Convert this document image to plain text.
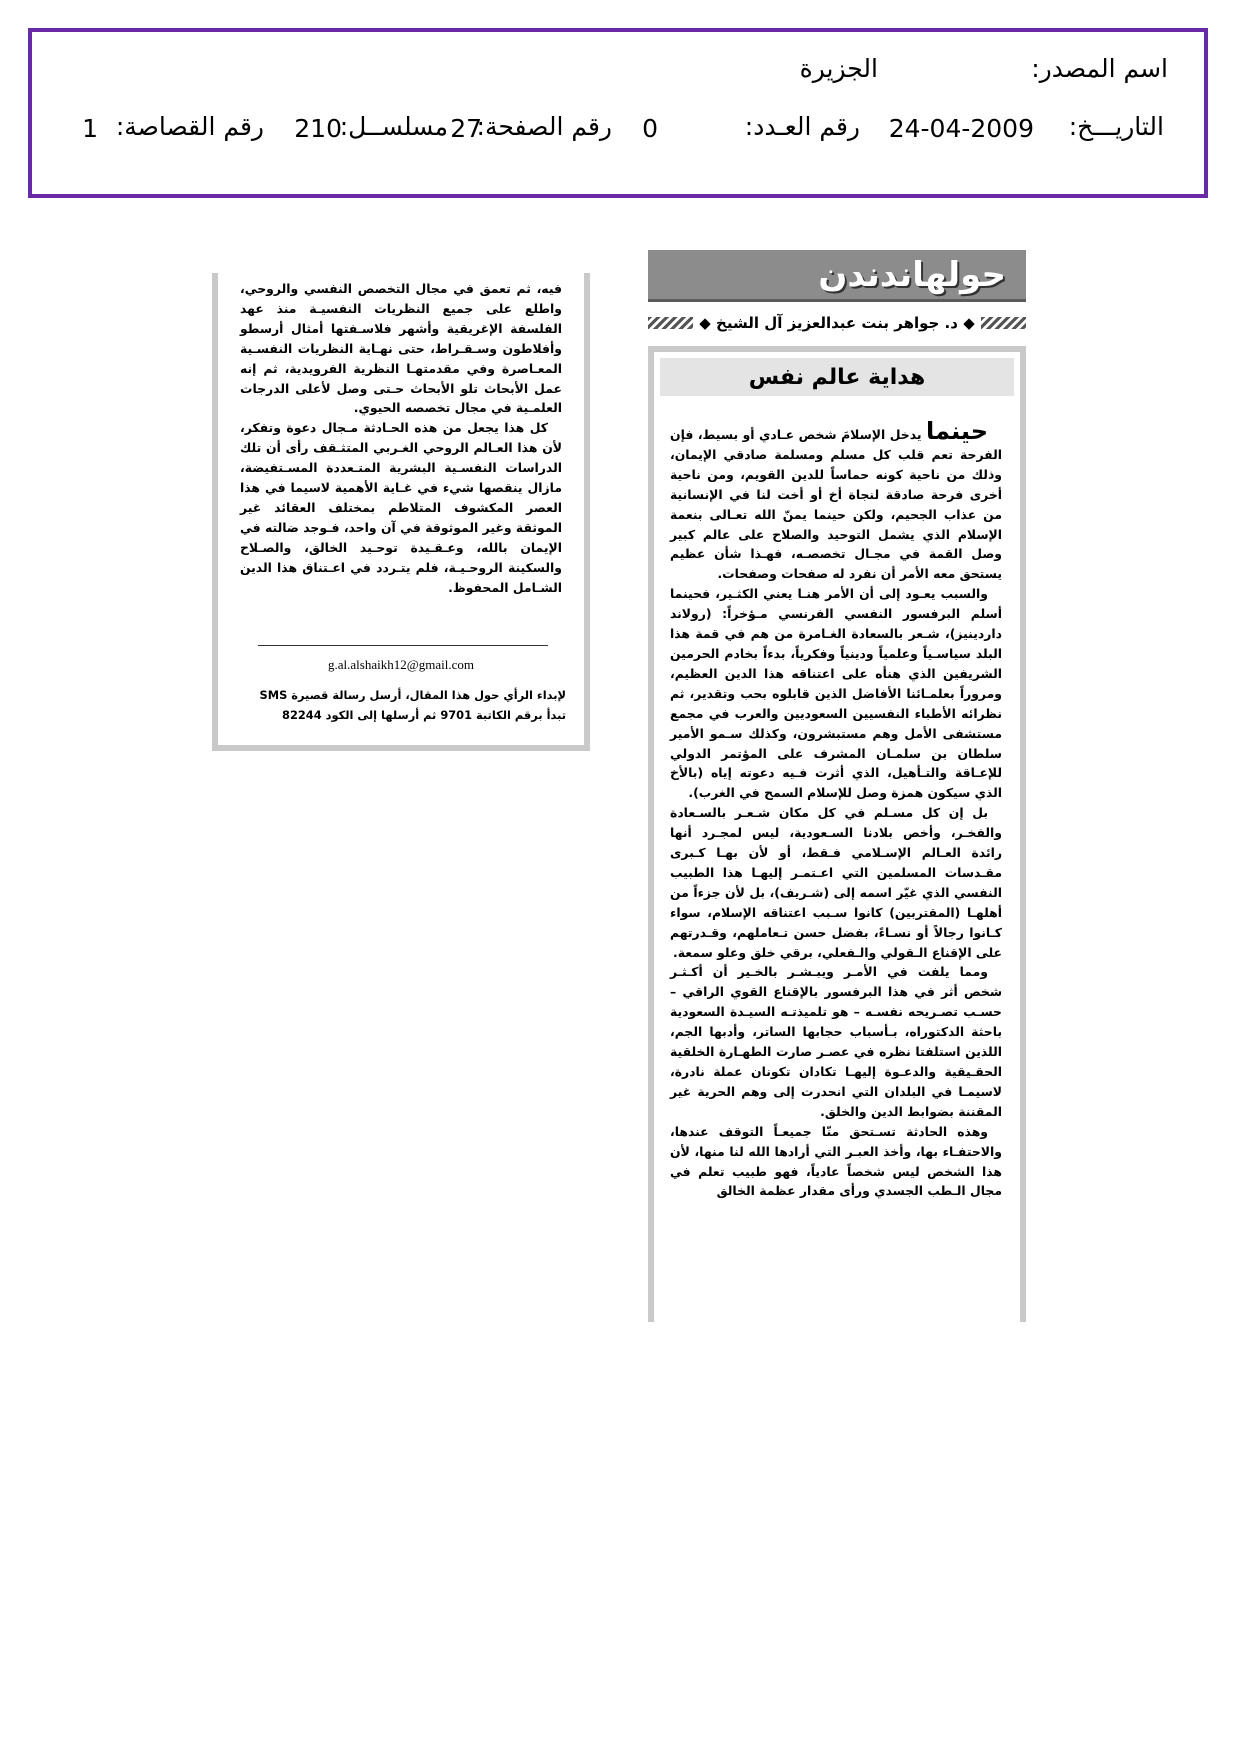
اسم المصدر:
الجزيرة
التاريـــخ:
24-04-2009
رقم العـدد:
0
رقم الصفحة:
27
مسلســل:
210
رقم القصاصة:
1
حولهاندندن
◆ د. جواهر بنت عبدالعزيز آل الشيخ ◆
هداية عالم نفس

حينما يدخل الإسلامَ شخص عـادي أو بسيط، فإن الفرحة تعم قلب كل مسلم ومسلمة صادقي الإيمان، وذلك من ناحية كونه حماساً للدين القويم، ومن ناحية أخرى فرحة صادقة لنجاة أخ أو أخت لنا في الإنسانية من عذاب الجحيم، ولكن حينما يمنّ الله تعـالى بنعمة الإسلام الذي يشمل التوحيد والصلاح على عالم كبير وصل القمة في مجـال تخصصـه، فهـذا شأن عظيم يستحق معه الأمر أن نفرد له صفحات وصفحات.

والسبب يعـود إلى أن الأمر هنـا يعني الكثـير، فحينما أسلم البرفسور النفسي الفرنسي مـؤخراً: (رولاند داردينيز)، شـعر بالسعادة الغـامرة من هم في قمة هذا البلد سياسـياً وعلمياً ودينياً وفكرياً، بدءاً بخادم الحرمين الشريفين الذي هنأه على اعتناقه هذا الدين العظيم، ومروراً بعلمـائنا الأفاضل الذين قابلوه بحب وتقدير، ثم نظرائه الأطباء النفسيين السعوديين والعرب في مجمع مستشفى الأمل وهم مستبشرون، وكذلك سـمو الأمير سلطان بن سلمـان المشرف على المؤتمر الدولي للإعـاقة والتـأهيل، الذي أثرت فـيه دعوته إياه (بالأخ الذي سيكون همزة وصل للإسلام السمح في الغرب).

بل إن كل مسـلم في كل مكان شـعـر بالسـعادة والفخـر، وأخص بلادنا السـعودية، ليس لمجـرد أنها رائدة العـالم الإسـلامي فـقط، أو لأن بهـا كـبرى مقـدسات المسلمين التي اعـتمـر إليهـا هذا الطبيب النفسي الذي غيّر اسمه إلى (شـريف)، بل لأن جزءاً من أهلهـا (المقتربين) كانوا سـبب اعتناقه الإسلام، سواء كـانوا رجالاً أو نسـاءً، بفضل حسن تـعاملهم، وقـدرتهم على الإقناع الـقولي والـفعلي، برقي خلق وعلو سمعة.

ومما يلفت في الأمـر ويبـشـر بالخـير أن أكـثـر شخص أثر في هذا البرفسور بالإقناع القوي الراقي – حسـب تصـريحه نفسـه – هو تلميذتـه السيـدة السعودية باحثة الدكتوراه، بـأسباب حجابها الساتر، وأدبها الجم، اللذين استلفتا نظره في عصـر صارت الطهـارة الخلقية الحقـيقية والدعـوة إليهـا تكادان تكونان عملة نادرة، لاسيمـا في البلدان التي انحدرت إلى وهم الحرية غير المقننة بضوابط الدين والخلق.

وهذه الحادثة تسـتحق منّا جميعـاً التوقف عندها، والاحتفـاء بها، وأخذ العبـر التي أرادها الله لنا منها، لأن هذا الشخص ليس شخصاً عادياً، فهو طبيب تعلم في مجال الـطب الجسدي ورأى مقدار عظمة الخالق

فيه، ثم تعمق في مجال التخصص النفسي والروحي، واطلع على جميع النظريات النفسيـة منذ عهد الفلسفة الإغريقية وأشهر فلاسـفتها أمثال أرسطو وأفلاطون وسـقـراط، حتى نهـاية النظريات النفسـية المعـاصرة وفي مقدمتهـا النظرية الفرويدية، ثم إنه عمل الأبحاث تلو الأبحاث حـتى وصل لأعلى الدرجات العلمـية في مجال تخصصه الحيوي.

كل هذا يجعل من هذه الحـادثة مـجال دعوة وتفكر، لأن هذا العـالم الروحي الغـربي المتثـقف رأى أن تلك الدراسات النفسـية البشرية المتـعددة المسـتفيضة، مازال ينقصها شيء في غـاية الأهمية لاسيما في هذا العصر المكشوف المتلاطم بمختلف العقائد غير الموثقة وغير الموثوقة في آن واحد، فـوجد ضالته في الإيمان بالله، وعـقـيدة توحـيد الخالق، والصـلاح والسكينة الروحـيـة، فلم يتـردد في اعـتناق هذا الدين الشـامل المحفوظ.

g.al.alshaikh12@gmail.com
لإبداء الرأي حول هذا المقال، أرسل رسالة قصيرة SMS
تبدأ برقم الكاتبة 9701 ثم أرسلها إلى الكود 82244
